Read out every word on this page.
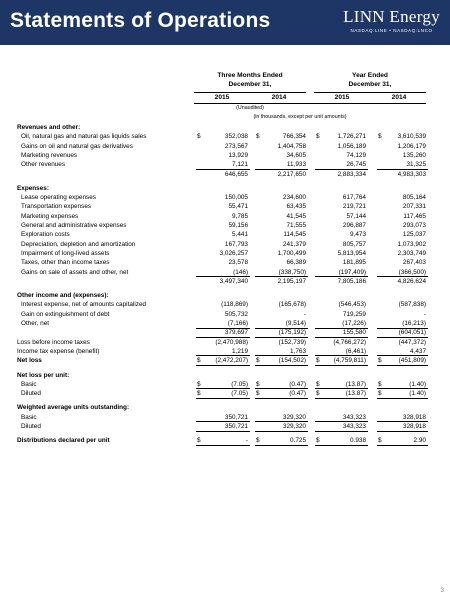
Statements of Operations	LINN Energy
NASDAQ:LINE • NASDAQ:LNCO
Three Months Ended
December 31,
Year Ended
December 31,
2015	2014	2015	2014
(Unaudited)
(in thousands, except per unit amounts)
Revenues and other:
Oil, natural gas and natural gas liquids sales	$	352,038 $	766,354 $	1,726,271 $	3,610,539
Gains on oil and natural gas derivatives	273,567	1,404,758	1,056,189	1,206,179
Marketing revenues	13,929	34,605	74,129	135,260
Other revenues	7,121	11,933	26,745	31,325
646,655	2,217,650	2,883,334	4,983,303
Expenses:
Lease operating expenses	150,005	234,600	617,764	805,164
Transportation expenses	55,471	63,435	219,721	207,331
Marketing expenses	9,785	41,545	57,144	117,465
General and administrative expenses	59,156	71,555	296,887	293,073
Exploration costs	5,441	114,545	9,473	125,037
Depreciation, depletion and amortization	167,793	241,379	805,757	1,073,902
Impairment of long-lived assets	3,026,257	1,700,499	5,813,954	2,303,749
Taxes, other than income taxes	23,578	66,389	181,895	267,403
Gains on sale of assets and other, net	(146)	(338,750)	(197,409)	(366,500)
3,497,340	2,195,197	7,805,186	4,826,624
Other income and (expenses):
Interest expense, net of amounts capitalized	(118,869)	(165,678)	(546,453)	(587,838)
Gain on extinguishment of debt	505,732	-	719,259	-
Other, net	(7,166)	(9,514)	(17,226)	(16,213)
379,697	(175,192)	155,580	(604,051)
Loss before income taxes	(2,470,988)	(152,739)	(4,766,272)	(447,372)
Income tax expense (benefit)	1,219	1,763	(6,461)	4,437
Net loss	$ (2,472,207) $	(154,502) $ (4,759,811) $	(451,809)
Net loss per unit:
Basic	$	(7.05) $	(0.47) $	(13.87) $	(1.40)
Diluted	$	(7.05) $	(0.47) $	(13.87) $	(1.40)
Weighted average units outstanding:
Basic	350,721	329,320	343,323	328,918
Diluted	350,721	329,320	343,323	328,918
Distributions declared per unit	$	- $	0.725 $	0.938 $	2.90
3
